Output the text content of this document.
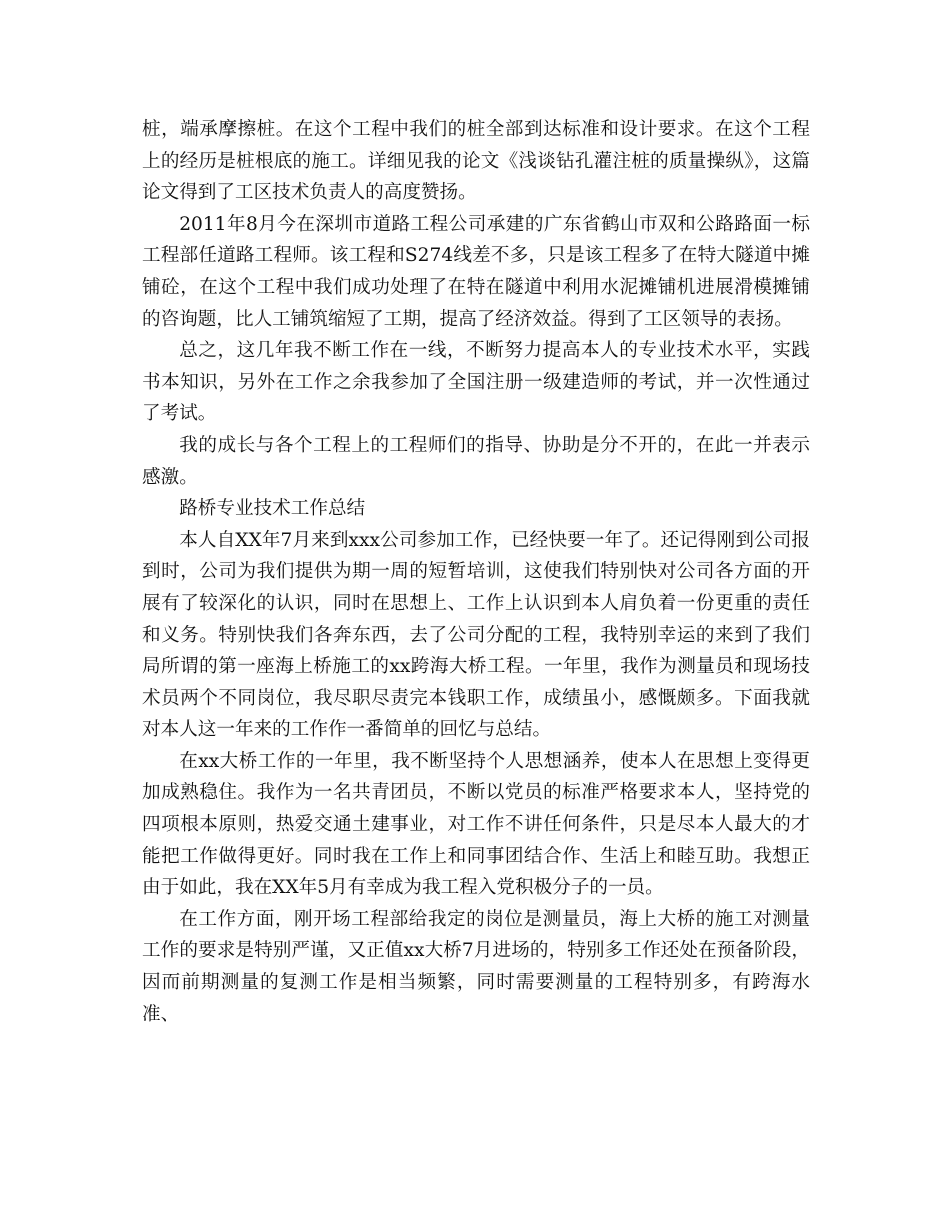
桩，端承摩擦桩。在这个工程中我们的桩全部到达标准和设计要求。在这个工程上的经历是桩根底的施工。详细见我的论文《浅谈钻孔灌注桩的质量操纵》，这篇论文得到了工区技术负责人的高度赞扬。

2011年8月今在深圳市道路工程公司承建的广东省鹤山市双和公路路面一标工程部任道路工程师。该工程和S274线差不多，只是该工程多了在特大隧道中摊铺砼，在这个工程中我们成功处理了在特在隧道中利用水泥摊铺机进展滑模摊铺的咨询题，比人工铺筑缩短了工期，提高了经济效益。得到了工区领导的表扬。

总之，这几年我不断工作在一线，不断努力提高本人的专业技术水平，实践书本知识，另外在工作之余我参加了全国注册一级建造师的考试，并一次性通过了考试。

我的成长与各个工程上的工程师们的指导、协助是分不开的，在此一并表示感激。

路桥专业技术工作总结

本人自XX年7月来到xxx公司参加工作，已经快要一年了。还记得刚到公司报到时，公司为我们提供为期一周的短暂培训，这使我们特别快对公司各方面的开展有了较深化的认识，同时在思想上、工作上认识到本人肩负着一份更重的责任和义务。特别快我们各奔东西，去了公司分配的工程，我特别幸运的来到了我们局所谓的第一座海上桥施工的xx跨海大桥工程。一年里，我作为测量员和现场技术员两个不同岗位，我尽职尽责完本钱职工作，成绩虽小，感慨颇多。下面我就对本人这一年来的工作作一番简单的回忆与总结。

在xx大桥工作的一年里，我不断坚持个人思想涵养，使本人在思想上变得更加成熟稳住。我作为一名共青团员，不断以党员的标准严格要求本人，坚持党的四项根本原则，热爱交通土建事业，对工作不讲任何条件，只是尽本人最大的才能把工作做得更好。同时我在工作上和同事团结合作、生活上和睦互助。我想正由于如此，我在XX年5月有幸成为我工程入党积极分子的一员。

在工作方面，刚开场工程部给我定的岗位是测量员，海上大桥的施工对测量工作的要求是特别严谨，又正值xx大桥7月进场的，特别多工作还处在预备阶段，因而前期测量的复测工作是相当频繁，同时需要测量的工程特别多，有跨海水准、
